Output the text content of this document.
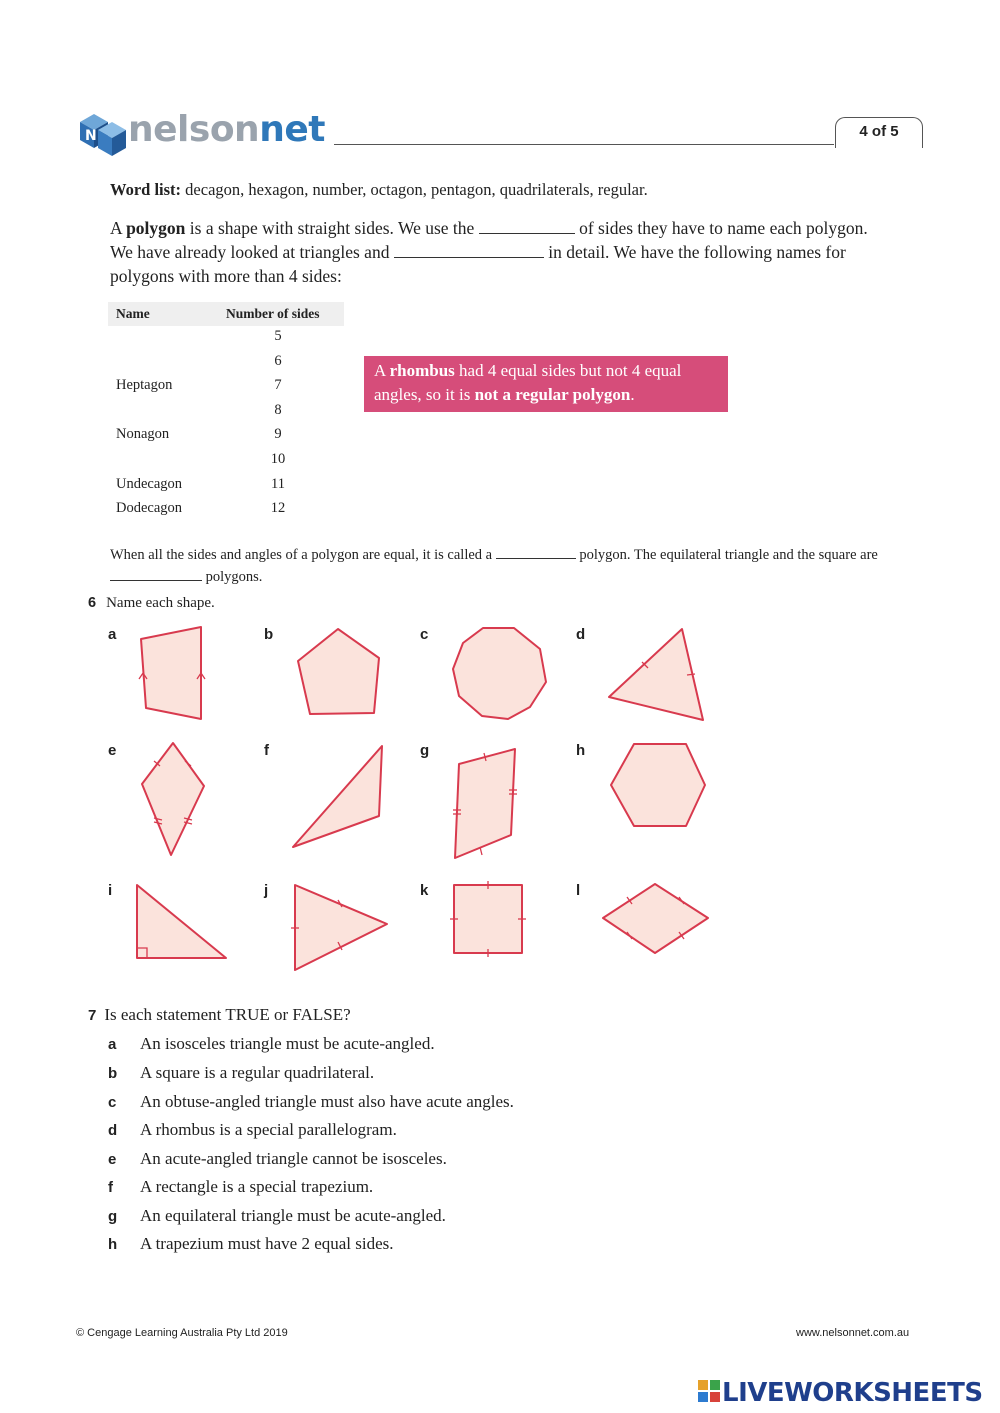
N nelsonnet	4 of 5
Word list: decagon, hexagon, number, octagon, pentagon, quadrilaterals, regular.
A polygon is a shape with straight sides. We use the	of sides they have to name each polygon. We have already looked at triangles and	in detail. We have the following names for polygons with more than 4 sides:
Name	Number of sides
5
6
Heptagon	7
8
Nonagon	9
10
Undecagon	11
Dodecagon	12
A rhombus had 4 equal sides but not 4 equal angles, so it is not a regular polygon.
When all the sides and angles of a polygon are equal, it is called a	polygon. The equilateral triangle and the square are  polygons.
6 Name each shape.
a	b	c	d
e	f	g	h
i	j	k	l
7 Is each statement TRUE or FALSE?
a An isosceles triangle must be acute-angled.
b A square is a regular quadrilateral.
c An obtuse-angled triangle must also have acute angles.
d A rhombus is a special parallelogram.
e An acute-angled triangle cannot be isosceles.
f A rectangle is a special trapezium.
g An equilateral triangle must be acute-angled.
h A trapezium must have 2 equal sides.
© Cengage Learning Australia Pty Ltd 2019	www.nelsonnet.com.au
LIVEWORKSHEETS
